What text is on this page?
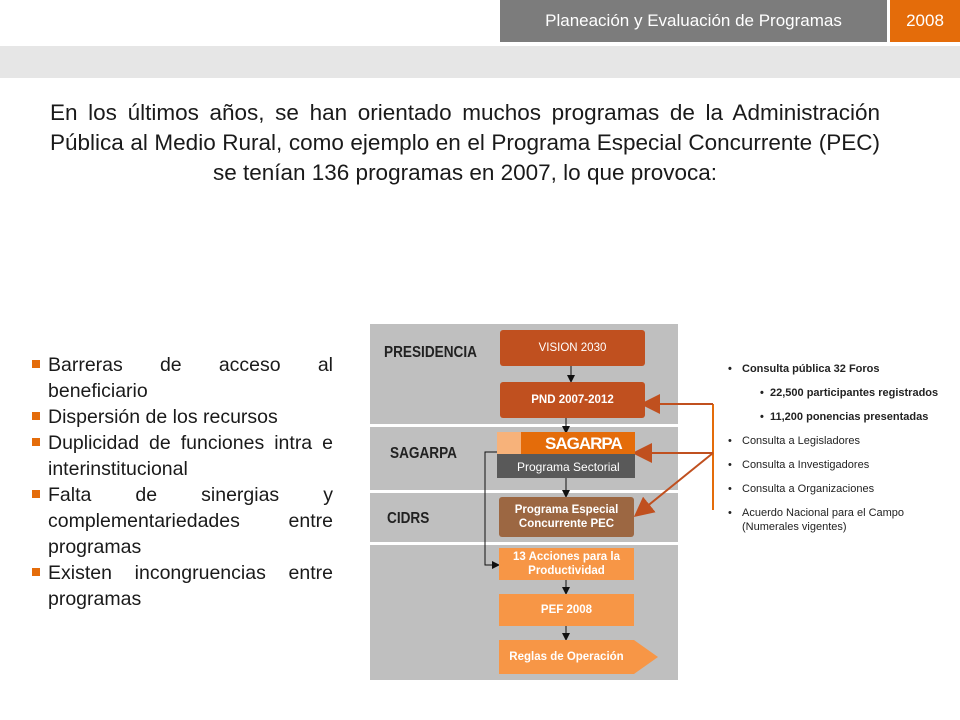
Planeación y Evaluación de Programas	2008
En los últimos años, se han orientado muchos programas de la Administración Pública al Medio Rural, como ejemplo en el Programa Especial Concurrente (PEC) se tenían 136 programas en 2007, lo que provoca:
Barreras de acceso al beneficiario
Dispersión de los recursos
Duplicidad de funciones intra e interinstitucional
Falta de sinergias y complementariedades entre programas
Existen incongruencias entre programas
PRESIDENCIA
SAGARPA
CIDRS
VISION 2030
PND 2007-2012
SAGARPA
Programa Sectorial
Programa Especial Concurrente PEC
13 Acciones para la Productividad
PEF 2008
Reglas de Operación
• Consulta pública 32 Foros
• 22,500 participantes registrados
• 11,200 ponencias presentadas
• Consulta a Legisladores
• Consulta a Investigadores
• Consulta a Organizaciones
• Acuerdo Nacional para el Campo (Numerales vigentes)
